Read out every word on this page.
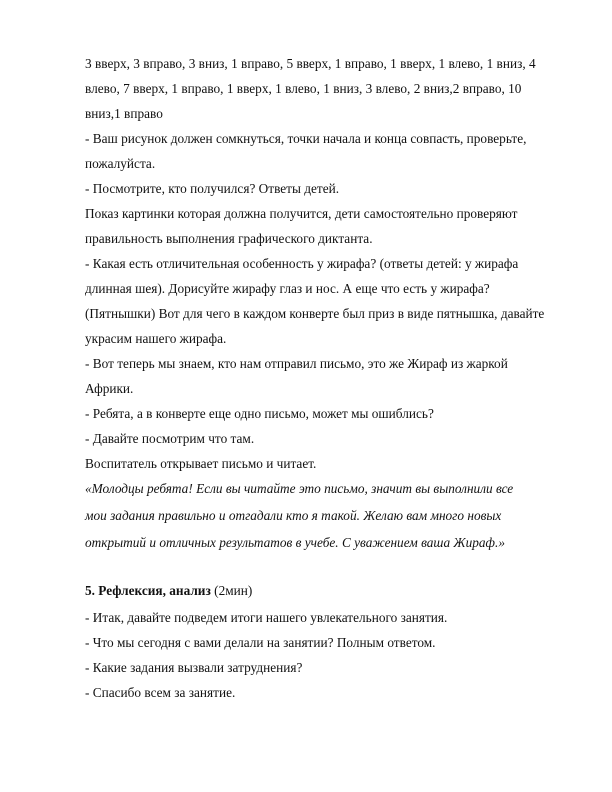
3 вверх, 3 вправо, 3 вниз, 1 вправо, 5 вверх, 1 вправо, 1 вверх, 1 влево, 1 вниз, 4
влево, 7 вверх, 1 вправо, 1 вверх, 1 влево, 1 вниз, 3 влево, 2 вниз,2 вправо, 10
вниз,1 вправо
- Ваш рисунок должен сомкнуться, точки начала и конца совпасть, проверьте,
пожалуйста.
- Посмотрите, кто получился? Ответы детей.
Показ картинки которая должна получится, дети самостоятельно проверяют
правильность выполнения графического диктанта.
- Какая есть отличительная особенность у жирафа? (ответы детей: у жирафа
длинная шея). Дорисуйте жирафу глаз и нос. А еще что есть у жирафа?
(Пятнышки) Вот для чего в каждом конверте был приз в виде пятнышка, давайте
украсим нашего жирафа.
- Вот теперь мы знаем, кто нам отправил письмо, это же Жираф из жаркой
Африки.
- Ребята, а в конверте еще одно письмо, может мы ошиблись?
- Давайте посмотрим что там.
Воспитатель открывает письмо и читает.
«Молодцы ребята! Если вы читайте это письмо, значит вы выполнили все
мои задания правильно и отгадали кто я такой. Желаю вам много новых
открытий и отличных результатов в учебе. С уважением ваша Жираф.»
5. Рефлексия, анализ (2мин)
- Итак, давайте подведем итоги нашего увлекательного занятия.
- Что мы сегодня с вами делали на занятии? Полным ответом.
- Какие задания вызвали затруднения?
- Спасибо всем за занятие.
